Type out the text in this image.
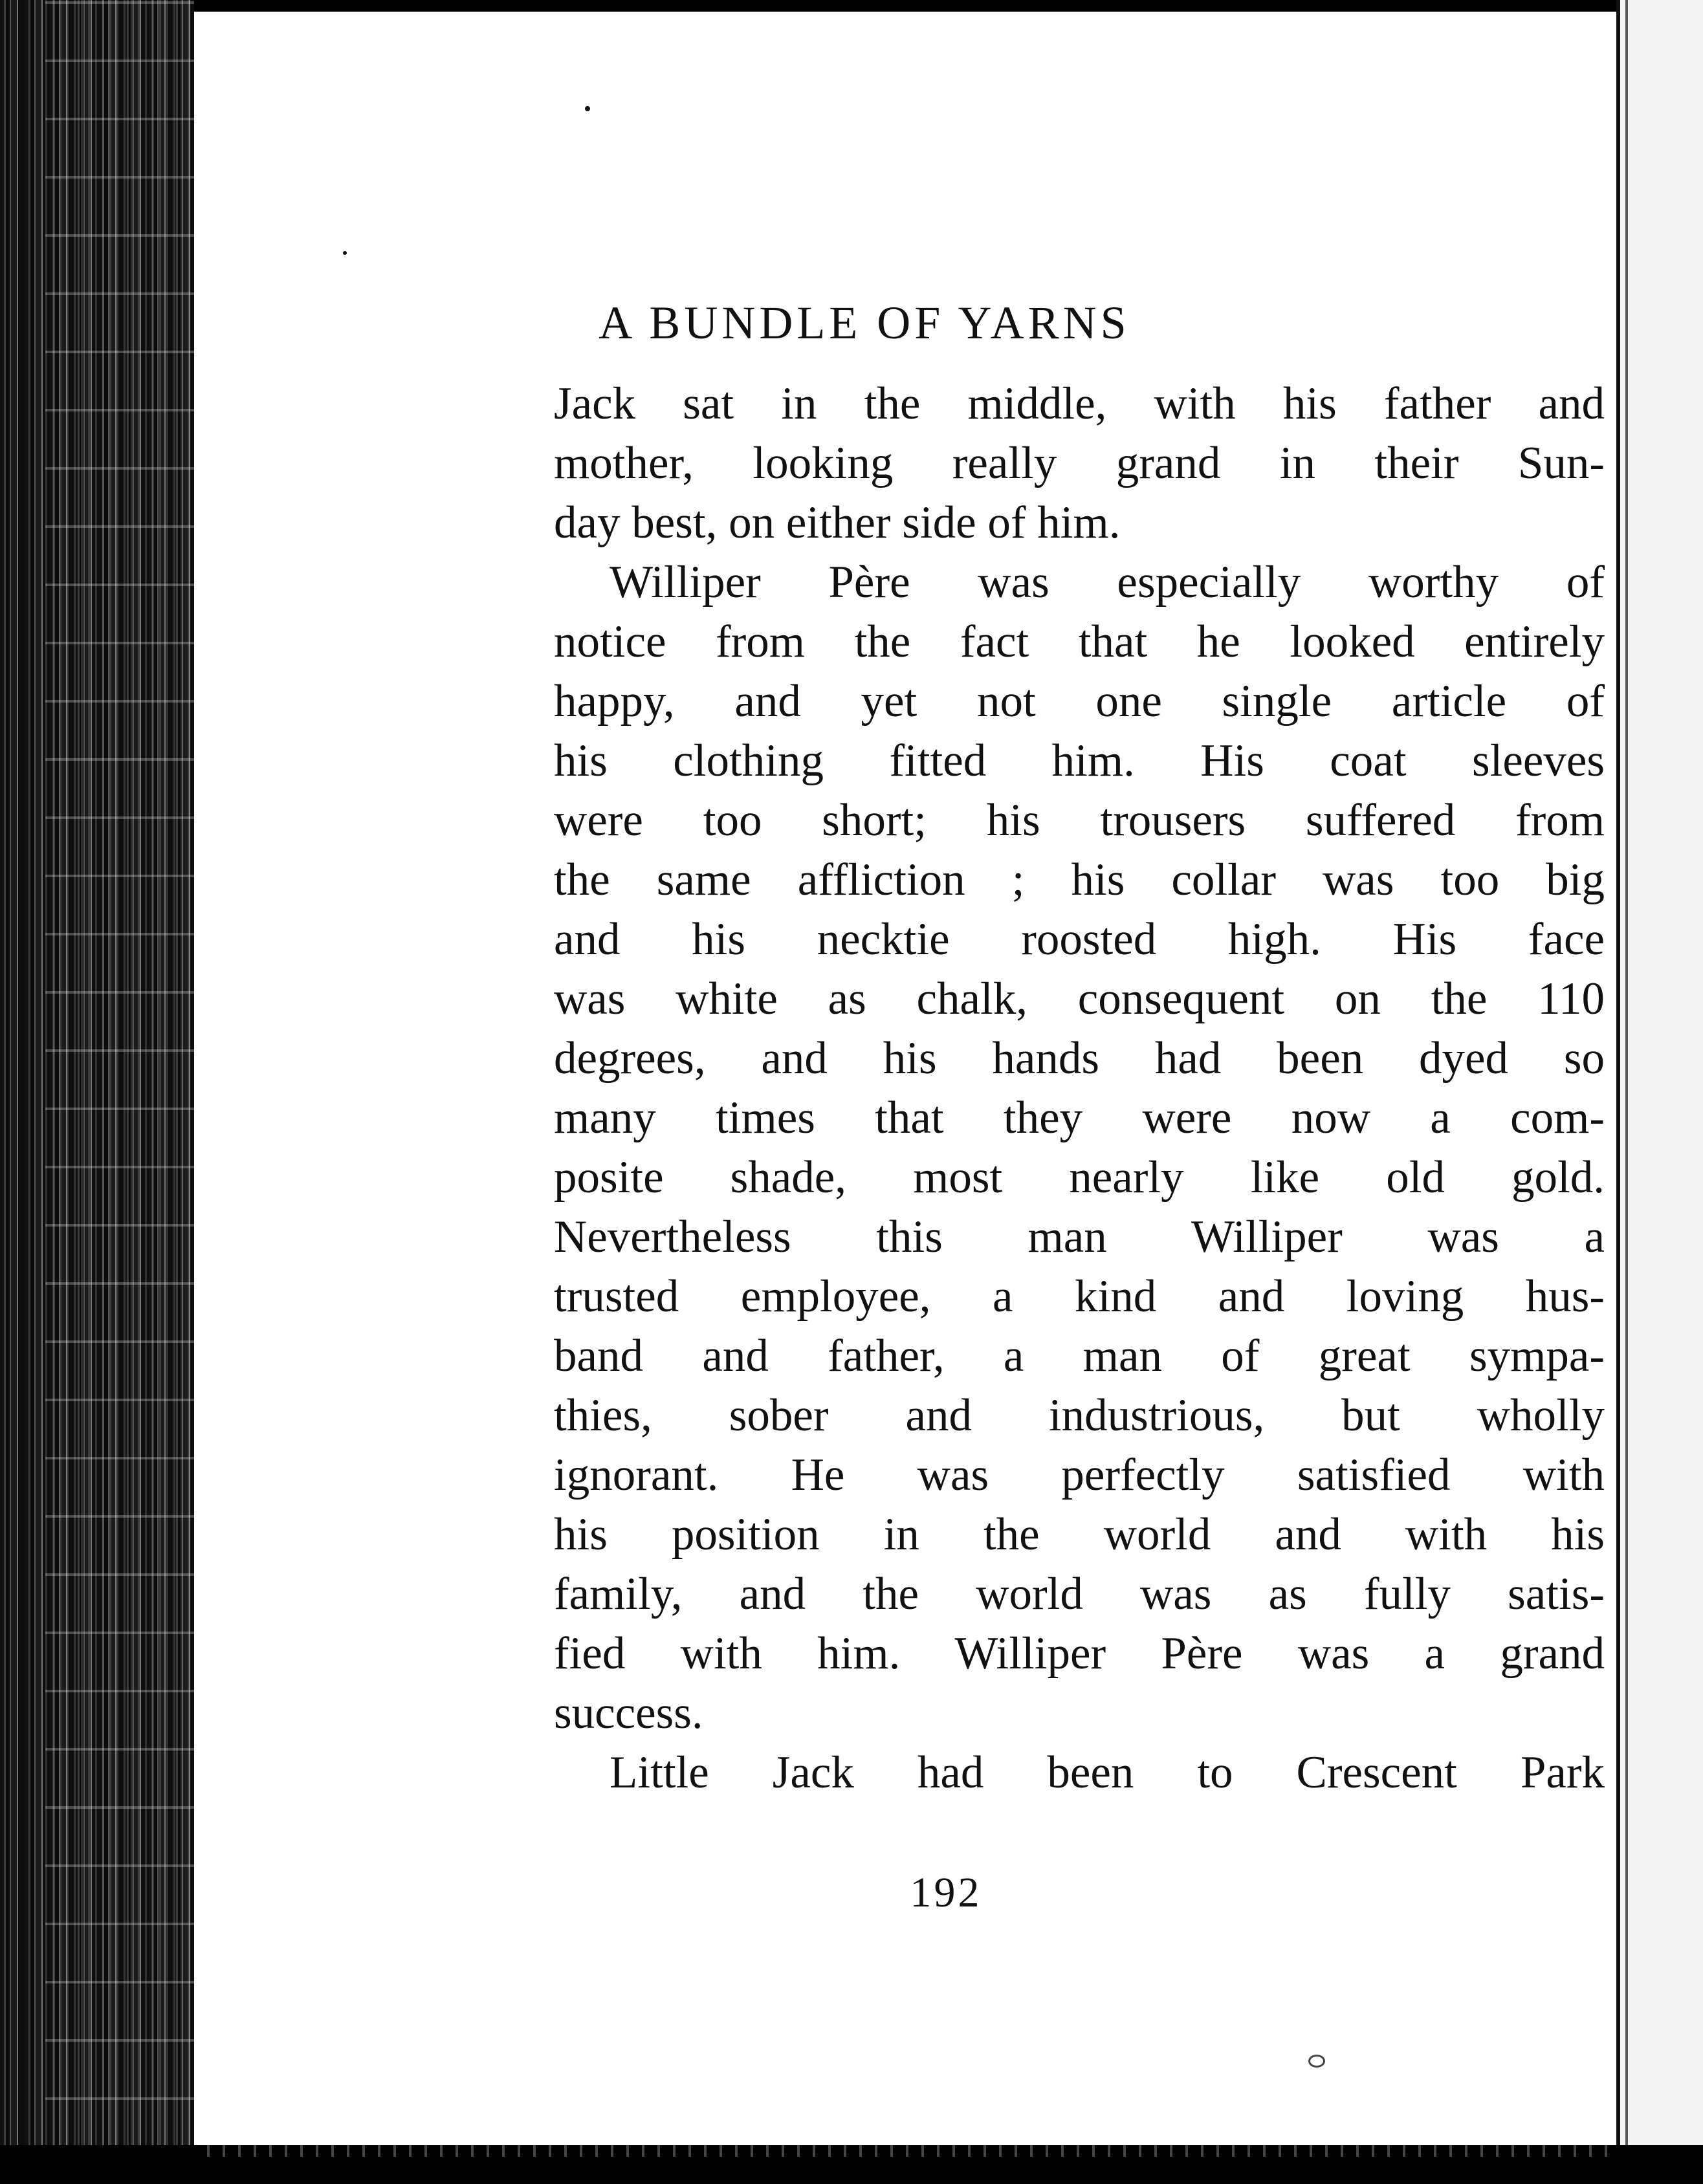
A BUNDLE OF YARNS
Jack sat in the middle, with his father and
mother, looking really grand in their Sun-
day best, on either side of him.
Williper Père was especially worthy of
notice from the fact that he looked entirely
happy, and yet not one single article of
his clothing fitted him. His coat sleeves
were too short; his trousers suffered from
the same affliction ; his collar was too big
and his necktie roosted high. His face
was white as chalk, consequent on the 110
degrees, and his hands had been dyed so
many times that they were now a com-
posite shade, most nearly like old gold.
Nevertheless this man Williper was a
trusted employee, a kind and loving hus-
band and father, a man of great sympa-
thies, sober and industrious, but wholly
ignorant. He was perfectly satisfied with
his position in the world and with his
family, and the world was as fully satis-
fied with him. Williper Père was a grand
success.
Little Jack had been to Crescent Park
192
